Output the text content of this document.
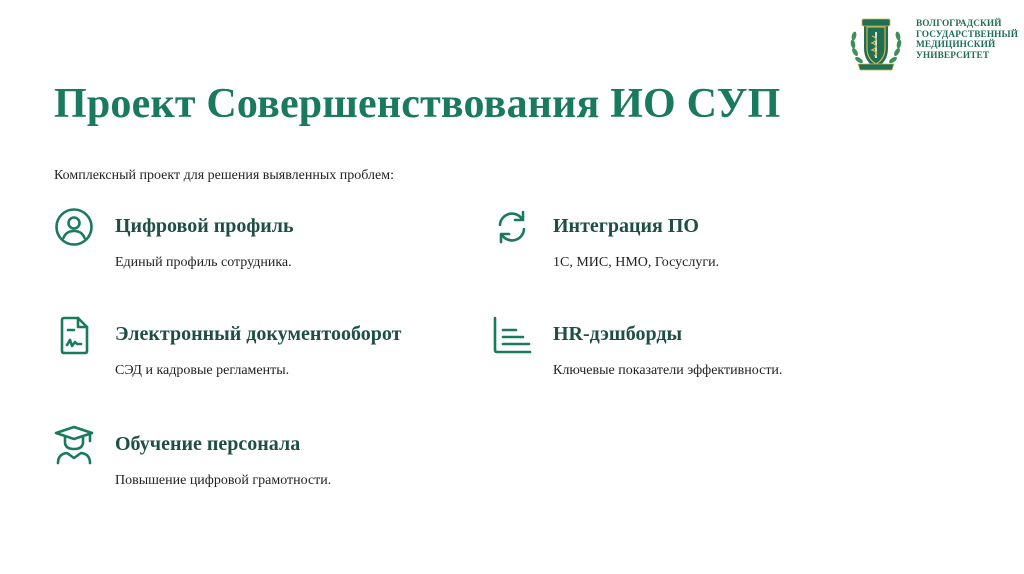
ВОЛГОГРАДСКИЙ
ГОСУДАРСТВЕННЫЙ
МЕДИЦИНСКИЙ
УНИВЕРСИТЕТ
Проект Совершенствования ИО СУП
Комплексный проект для решения выявленных проблем:
Цифровой профиль
Единый профиль сотрудника.
Интеграция ПО
1С, МИС, НМО, Госуслуги.
Электронный документооборот
СЭД и кадровые регламенты.
HR-дэшборды
Ключевые показатели эффективности.
Обучение персонала
Повышение цифровой грамотности.
